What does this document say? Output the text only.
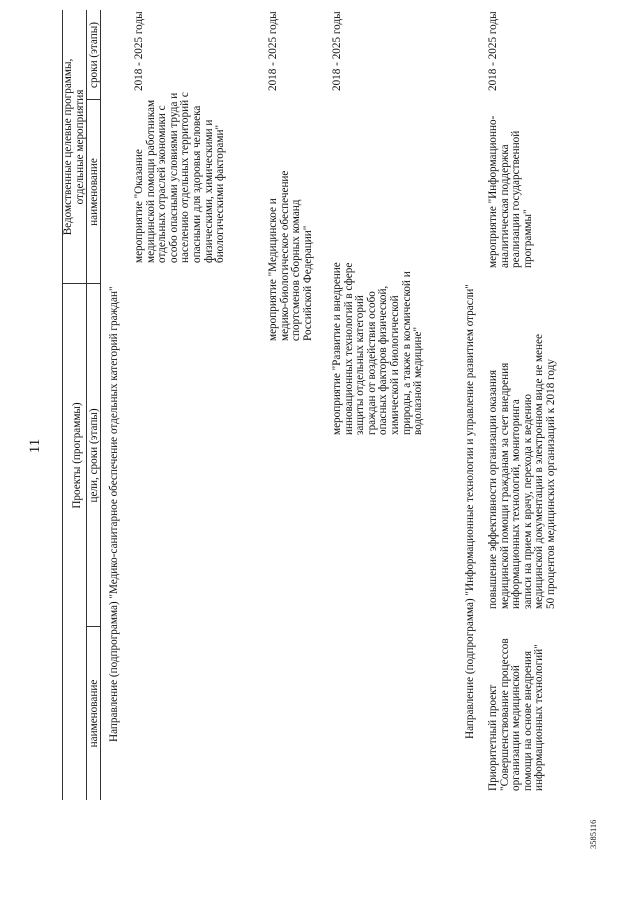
11	Проекты (программы)
наименование
цели, сроки (этапы)
Ведомственные целевые программы,
отдельные мероприятия
наименование
сроки (этапы)
Направление (подпрограмма) "Медико-санитарное обеспечение отдельных категорий граждан"
мероприятие "Оказание
медицинской помощи работникам
отдельных отраслей экономики с
особо опасными условиями труда и
населению отдельных территорий с
опасными для здоровья человека
физическими, химическими и
биологическими факторами"
2018 - 2025 годы
мероприятие "Медицинское и
медико-биологическое обеспечение
спортсменов сборных команд
Российской Федерации"
2018 - 2025 годы
мероприятие "Развитие и внедрение
инновационных технологий в сфере
защиты отдельных категорий
граждан от воздействия особо
опасных факторов физической,
химической и биологической
природы, а также в космической и
водолазной медицине"
2018 - 2025 годы
Направление (подпрограмма) "Информационные технологии и управление развитием отрасли"
Приоритетный проект
"Совершенствование процессов
организации медицинской
помощи на основе внедрения
информационных технологий"
повышение эффективности организации оказания
медицинской помощи гражданам за счет внедрения
информационных технологий, мониторинга
записи на прием к врачу, перехода к ведению
медицинской документации в электронном виде не менее
50 процентов медицинских организаций к 2018 году
мероприятие "Информационно-
аналитическая поддержка
реализации государственной
программы"
2018 - 2025 годы
3585116
